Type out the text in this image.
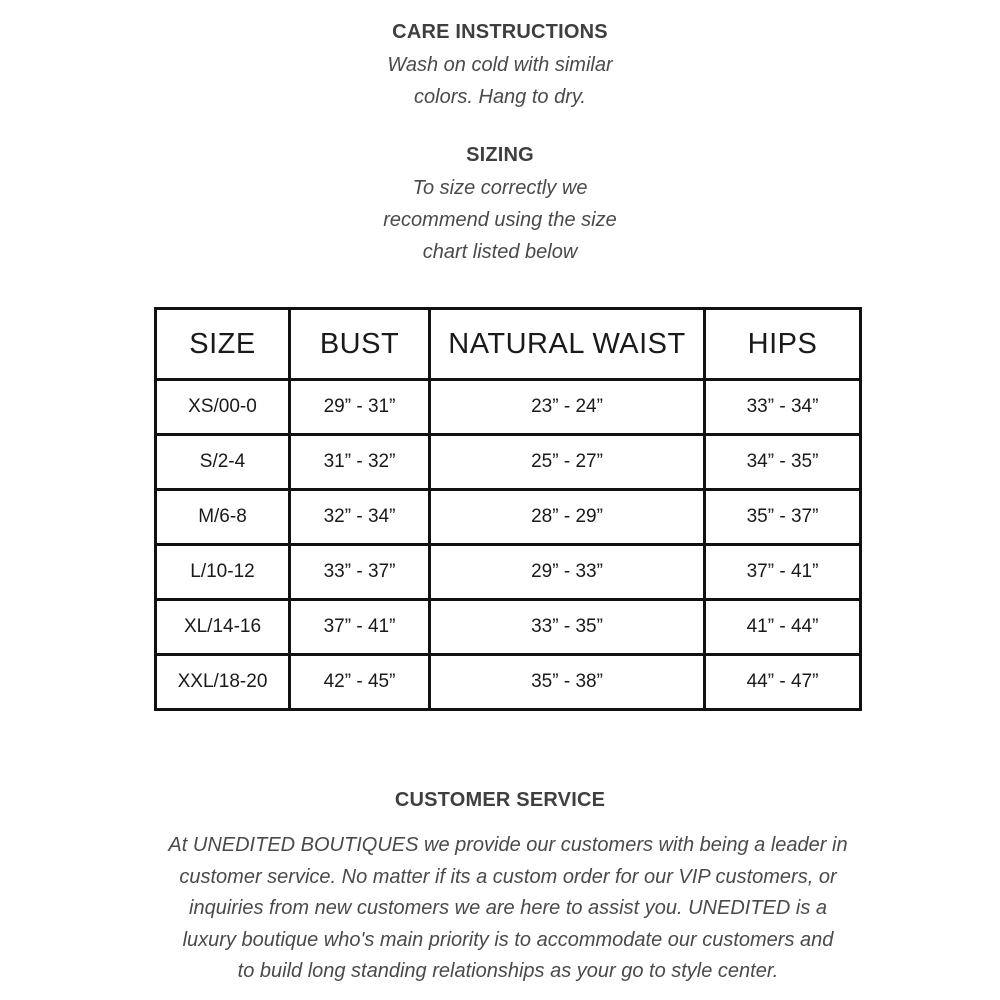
CARE INSTRUCTIONS
Wash on cold with similar
colors. Hang to dry.
SIZING
To size correctly we
recommend using the size
chart listed below
SIZE	BUST	NATURAL WAIST	HIPS
XS/00-0	29” - 31”	23” - 24”	33” - 34”
S/2-4	31” - 32”	25” - 27”	34” - 35”
M/6-8	32” - 34”	28” - 29”	35” - 37”
L/10-12	33” - 37”	29” - 33”	37” - 41”
XL/14-16	37” - 41”	33” - 35”	41” - 44”
XXL/18-20	42” - 45”	35” - 38”	44” - 47”
CUSTOMER SERVICE
At UNEDITED BOUTIQUES we provide our customers with being a leader in
customer service. No matter if its a custom order for our VIP customers, or
inquiries from new customers we are here to assist you. UNEDITED is a
luxury boutique who's main priority is to accommodate our customers and
to build long standing relationships as your go to style center.
